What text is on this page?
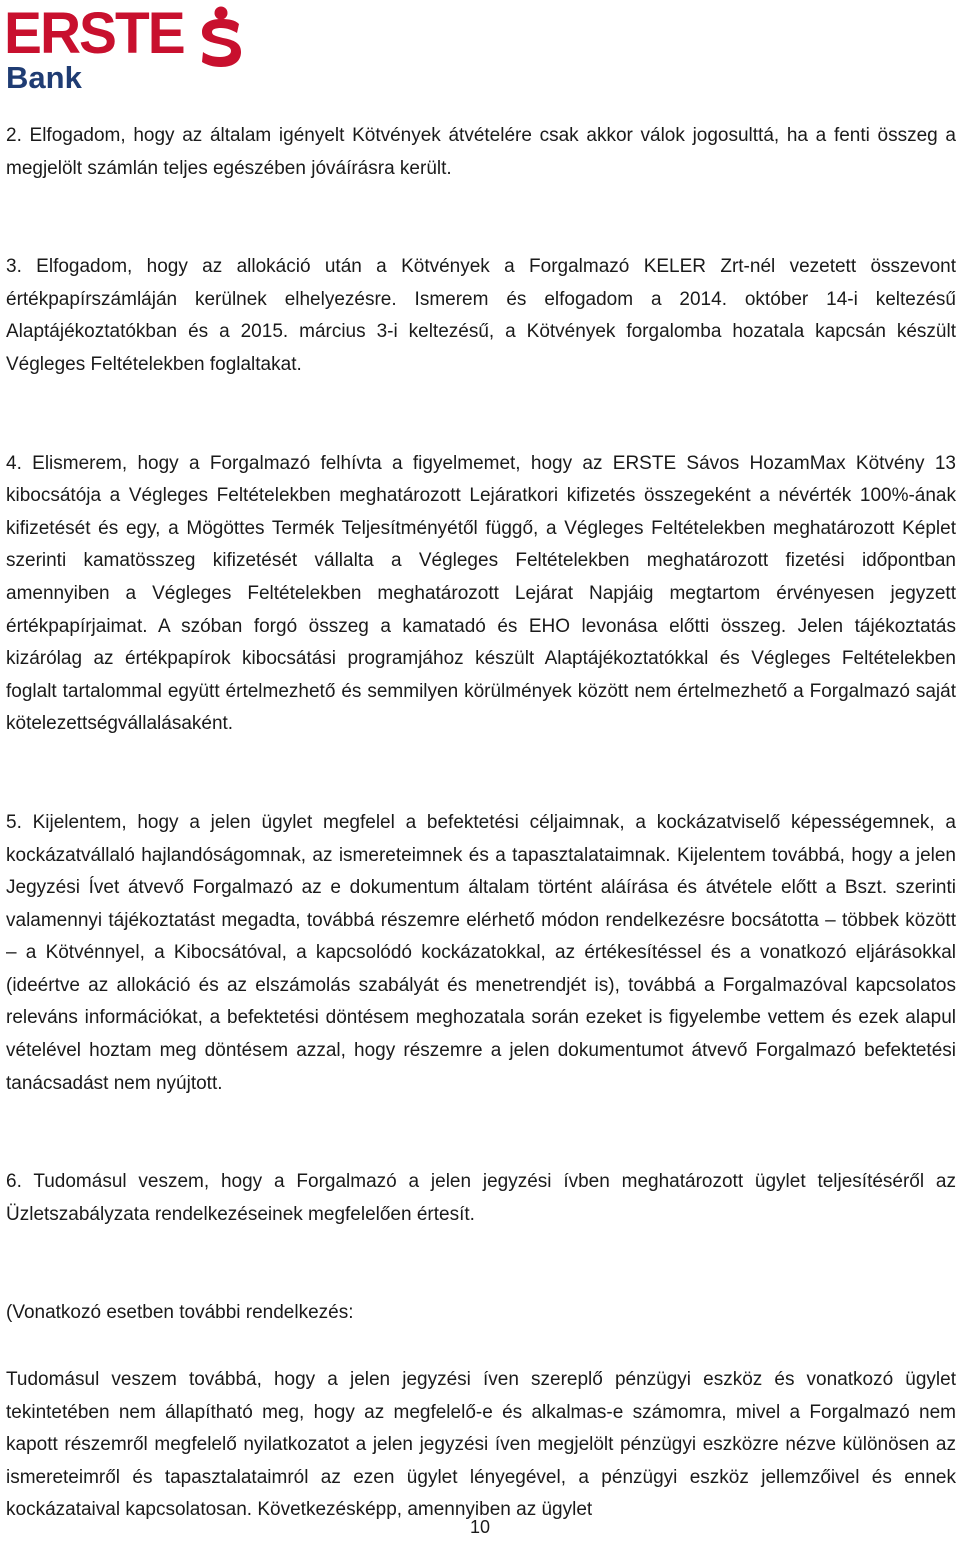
ERSTE
Bank

2. Elfogadom, hogy az általam igényelt Kötvények átvételére csak akkor válok jogosulttá, ha a fenti összeg a megjelölt számlán teljes egészében jóváírásra került.

3. Elfogadom, hogy az allokáció után a Kötvények a Forgalmazó KELER Zrt-nél vezetett összevont értékpapírszámláján kerülnek elhelyezésre. Ismerem és elfogadom a 2014. október 14-i keltezésű Alaptájékoztatókban és a 2015. március 3-i keltezésű, a Kötvények forgalomba hozatala kapcsán készült Végleges Feltételekben foglaltakat.

4. Elismerem, hogy a Forgalmazó felhívta a figyelmemet, hogy az ERSTE Sávos HozamMax Kötvény 13 kibocsátója a Végleges Feltételekben meghatározott Lejáratkori kifizetés összegeként a névérték 100%-ának kifizetését és egy, a Mögöttes Termék Teljesítményétől függő, a Végleges Feltételekben meghatározott Képlet szerinti kamatösszeg kifizetését vállalta a Végleges Feltételekben meghatározott fizetési időpontban amennyiben a Végleges Feltételekben meghatározott Lejárat Napjáig megtartom érvényesen jegyzett értékpapírjaimat. A szóban forgó összeg a kamatadó és EHO levonása előtti összeg. Jelen tájékoztatás kizárólag az értékpapírok kibocsátási programjához készült Alaptájékoztatókkal és Végleges Feltételekben foglalt tartalommal együtt értelmezhető és semmilyen körülmények között nem értelmezhető a Forgalmazó saját kötelezettségvállalásaként.

5. Kijelentem, hogy a jelen ügylet megfelel a befektetési céljaimnak, a kockázatviselő képességemnek, a kockázatvállaló hajlandóságomnak, az ismereteimnek és a tapasztalataimnak. Kijelentem továbbá, hogy a jelen Jegyzési Ívet átvevő Forgalmazó az e dokumentum általam történt aláírása és átvétele előtt a Bszt. szerinti valamennyi tájékoztatást megadta, továbbá részemre elérhető módon rendelkezésre bocsátotta – többek között – a Kötvénnyel, a Kibocsátóval, a kapcsolódó kockázatokkal, az értékesítéssel és a vonatkozó eljárásokkal (ideértve az allokáció és az elszámolás szabályát és menetrendjét is), továbbá a Forgalmazóval kapcsolatos releváns információkat, a befektetési döntésem meghozatala során ezeket is figyelembe vettem és ezek alapul vételével hoztam meg döntésem azzal, hogy részemre a jelen dokumentumot átvevő Forgalmazó befektetési tanácsadást nem nyújtott.

6. Tudomásul veszem, hogy a Forgalmazó a jelen jegyzési ívben meghatározott ügylet teljesítéséről az Üzletszabályzata rendelkezéseinek megfelelően értesít.

(Vonatkozó esetben további rendelkezés:

Tudomásul veszem továbbá, hogy a jelen jegyzési íven szereplő pénzügyi eszköz és vonatkozó ügylet tekintetében nem állapítható meg, hogy az megfelelő-e és alkalmas-e számomra, mivel a Forgalmazó nem kapott részemről megfelelő nyilatkozatot a jelen jegyzési íven megjelölt pénzügyi eszközre nézve különösen az ismereteimről és tapasztalataimról az ezen ügylet lényegével, a pénzügyi eszköz jellemzőivel és ennek kockázataival kapcsolatosan. Következésképp, amennyiben az ügylet

10
